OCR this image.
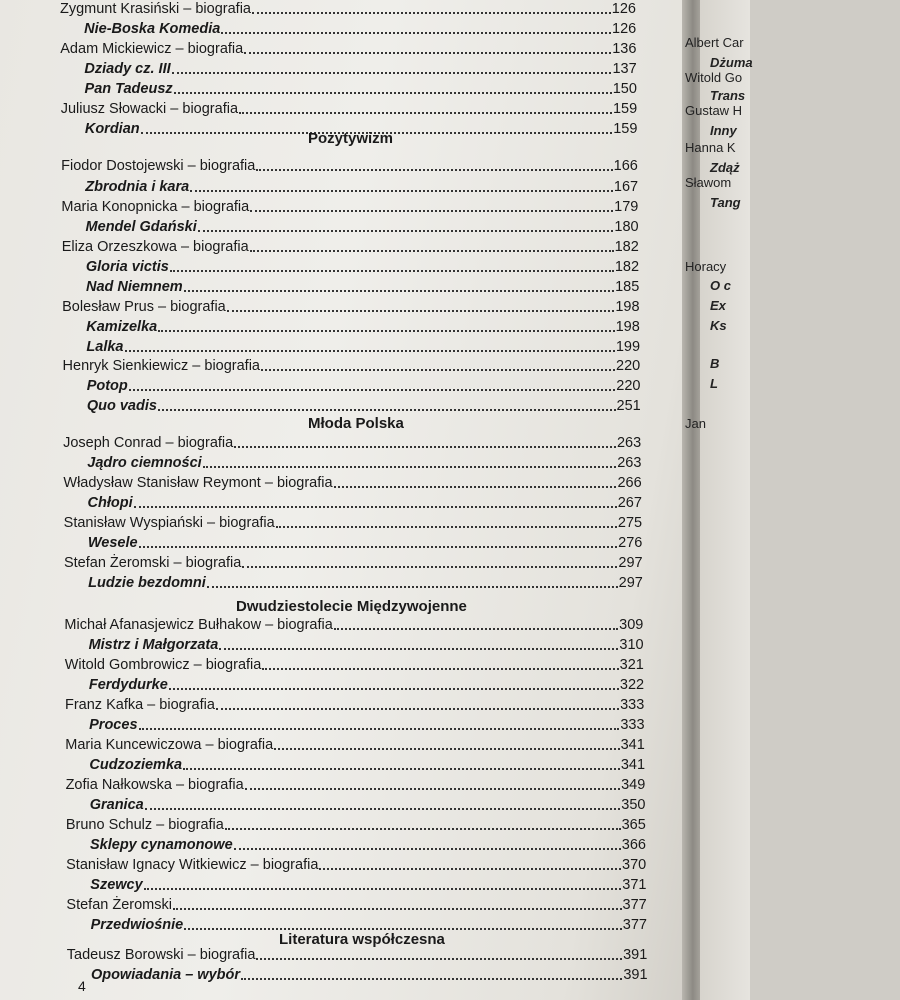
Albert Car
Dżuma
Witold Go
Trans
Gustaw H
Inny
Hanna K
Zdąż
Sławom
Tang
Horacy
O c
Ex
Ks
B
L
Jan
Zygmunt Krasiński – biografia	126
Nie-Boska Komedia	126
Adam Mickiewicz – biografia	136
Dziady cz. III	137
Pan Tadeusz	150
Juliusz Słowacki – biografia	159
Kordian	159
Pozytywizm
Fiodor Dostojewski – biografia	166
Zbrodnia i kara	167
Maria Konopnicka – biografia	179
Mendel Gdański	180
Eliza Orzeszkowa – biografia	182
Gloria victis	182
Nad Niemnem	185
Bolesław Prus – biografia	198
Kamizelka	198
Lalka	199
Henryk Sienkiewicz – biografia	220
Potop	220
Quo vadis	251
Młoda Polska
Joseph Conrad – biografia	263
Jądro ciemności	263
Władysław Stanisław Reymont – biografia	266
Chłopi	267
Stanisław Wyspiański – biografia	275
Wesele	276
Stefan Żeromski – biografia	297
Ludzie bezdomni	297
Dwudziestolecie Międzywojenne
Michał Afanasjewicz Bułhakow – biografia	309
Mistrz i Małgorzata	310
Witold Gombrowicz – biografia	321
Ferdydurke	322
Franz Kafka – biografia	333
Proces	333
Maria Kuncewiczowa – biografia	341
Cudzoziemka	341
Zofia Nałkowska – biografia	349
Granica	350
Bruno Schulz – biografia	365
Sklepy cynamonowe	366
Stanisław Ignacy Witkiewicz – biografia	370
Szewcy	371
Stefan Żeromski	377
Przedwiośnie	377
Literatura współczesna
Tadeusz Borowski – biografia	391
Opowiadania – wybór	391
4
